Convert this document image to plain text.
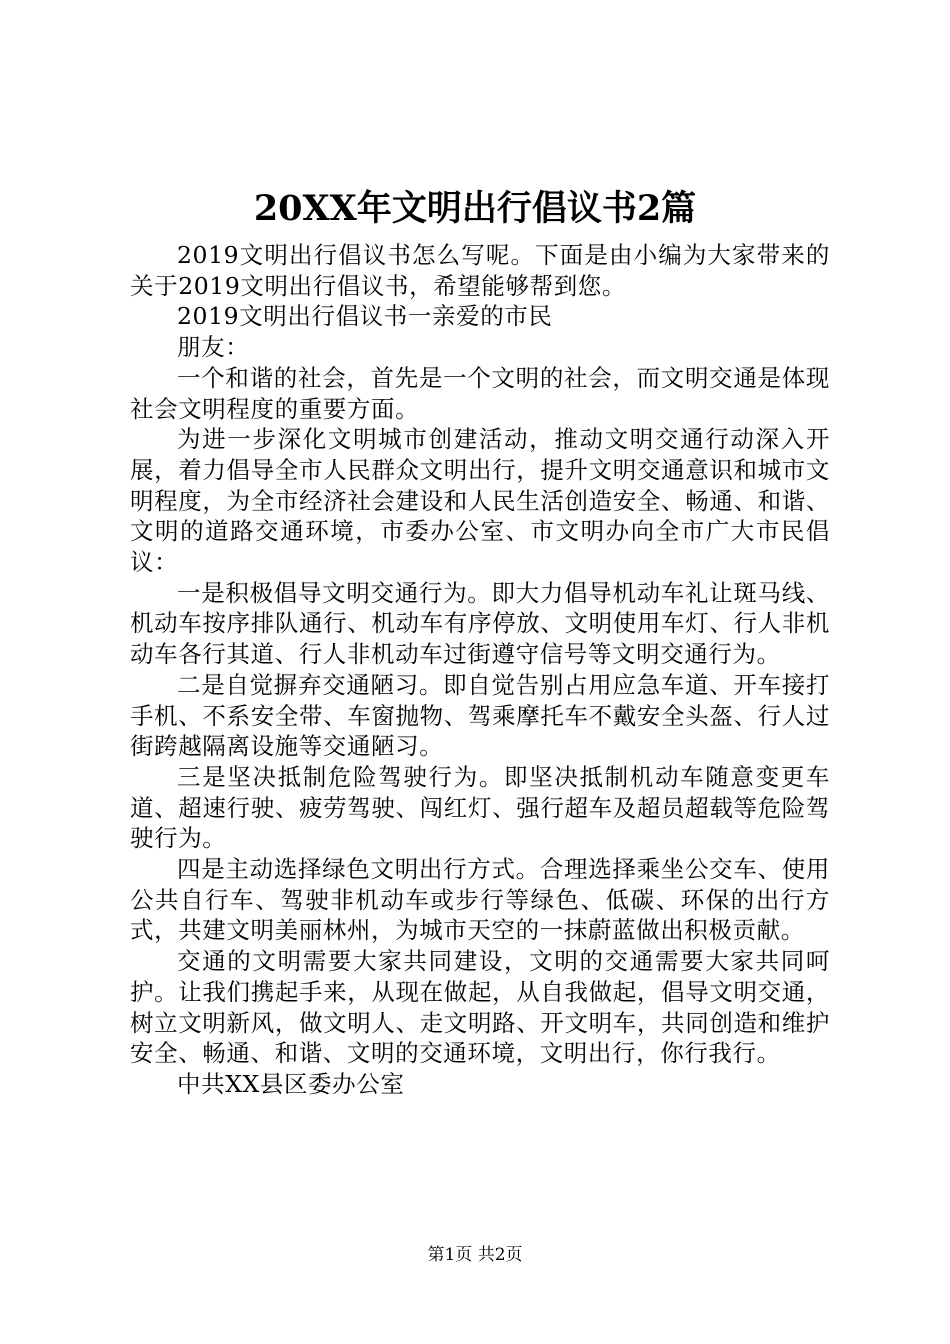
20XX年文明出行倡议书2篇

2019文明出行倡议书怎么写呢。下面是由小编为大家带来的关于2019文明出行倡议书，希望能够帮到您。

2019文明出行倡议书一亲爱的市民

朋友：

一个和谐的社会，首先是一个文明的社会，而文明交通是体现社会文明程度的重要方面。

为进一步深化文明城市创建活动，推动文明交通行动深入开展，着力倡导全市人民群众文明出行，提升文明交通意识和城市文明程度，为全市经济社会建设和人民生活创造安全、畅通、和谐、文明的道路交通环境，市委办公室、市文明办向全市广大市民倡议：

一是积极倡导文明交通行为。即大力倡导机动车礼让斑马线、机动车按序排队通行、机动车有序停放、文明使用车灯、行人非机动车各行其道、行人非机动车过街遵守信号等文明交通行为。

二是自觉摒弃交通陋习。即自觉告别占用应急车道、开车接打手机、不系安全带、车窗抛物、驾乘摩托车不戴安全头盔、行人过街跨越隔离设施等交通陋习。

三是坚决抵制危险驾驶行为。即坚决抵制机动车随意变更车道、超速行驶、疲劳驾驶、闯红灯、强行超车及超员超载等危险驾驶行为。

四是主动选择绿色文明出行方式。合理选择乘坐公交车、使用公共自行车、驾驶非机动车或步行等绿色、低碳、环保的出行方式，共建文明美丽林州，为城市天空的一抹蔚蓝做出积极贡献。

交通的文明需要大家共同建设，文明的交通需要大家共同呵护。让我们携起手来，从现在做起，从自我做起，倡导文明交通，树立文明新风，做文明人、走文明路、开文明车，共同创造和维护安全、畅通、和谐、文明的交通环境，文明出行，你行我行。

中共XX县区委办公室

第1页 共2页
